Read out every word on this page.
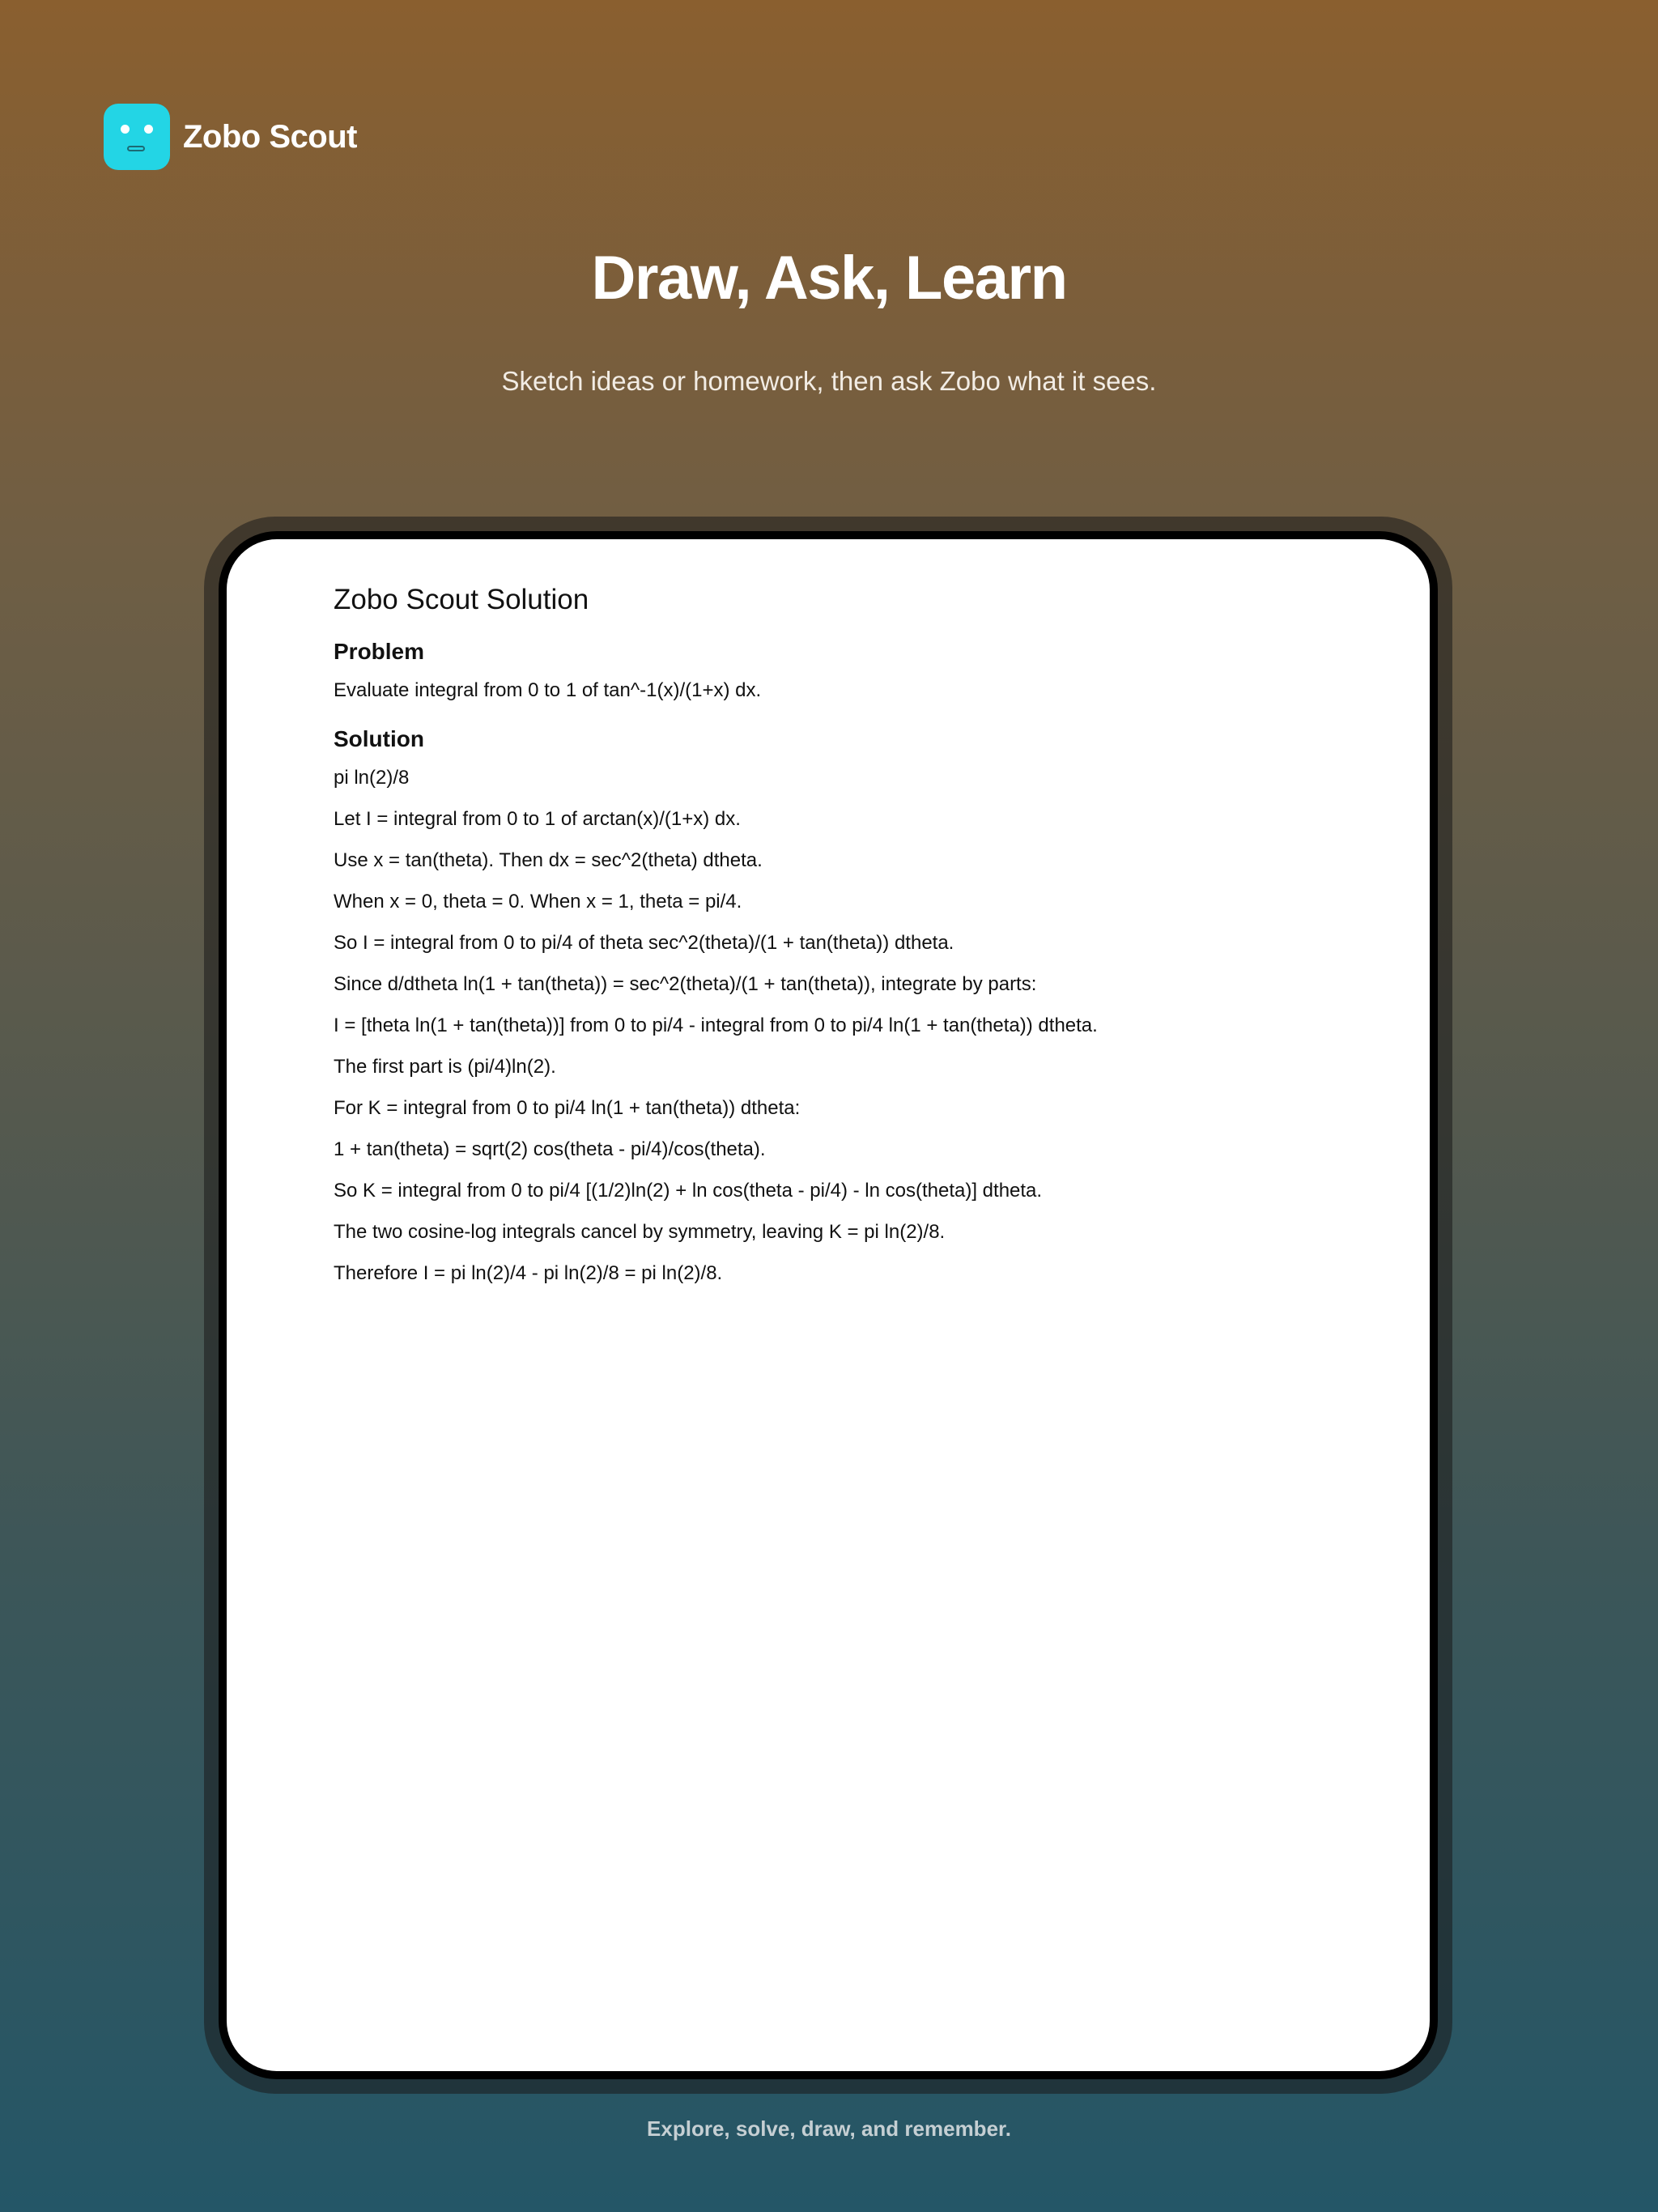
Zobo Scout
Draw, Ask, Learn

Sketch ideas or homework, then ask Zobo what it sees.

Zobo Scout Solution
Problem

Evaluate integral from 0 to 1 of tan^-1(x)/(1+x) dx.

Solution

pi ln(2)/8

Let I = integral from 0 to 1 of arctan(x)/(1+x) dx.

Use x = tan(theta). Then dx = sec^2(theta) dtheta.

When x = 0, theta = 0. When x = 1, theta = pi/4.

So I = integral from 0 to pi/4 of theta sec^2(theta)/(1 + tan(theta)) dtheta.

Since d/dtheta ln(1 + tan(theta)) = sec^2(theta)/(1 + tan(theta)), integrate by parts:

I = [theta ln(1 + tan(theta))] from 0 to pi/4 - integral from 0 to pi/4 ln(1 + tan(theta)) dtheta.

The first part is (pi/4)ln(2).

For K = integral from 0 to pi/4 ln(1 + tan(theta)) dtheta:

1 + tan(theta) = sqrt(2) cos(theta - pi/4)/cos(theta).

So K = integral from 0 to pi/4 [(1/2)ln(2) + ln cos(theta - pi/4) - ln cos(theta)] dtheta.

The two cosine-log integrals cancel by symmetry, leaving K = pi ln(2)/8.

Therefore I = pi ln(2)/4 - pi ln(2)/8 = pi ln(2)/8.

Explore, solve, draw, and remember.
